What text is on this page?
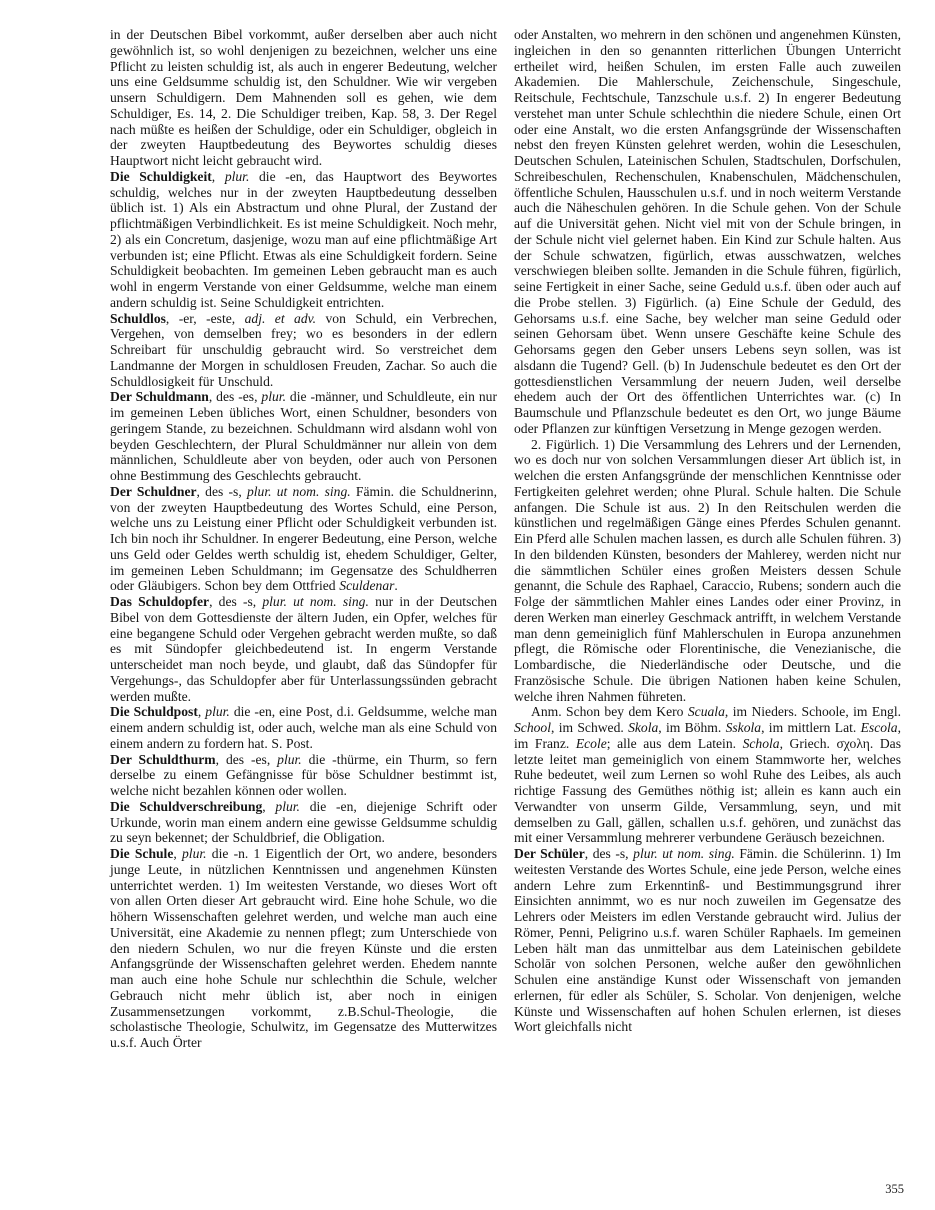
in der Deutschen Bibel vorkommt, außer derselben aber auch nicht gewöhnlich ist, so wohl denjenigen zu bezeichnen, welcher uns eine Pflicht zu leisten schuldig ist, als auch in engerer Bedeutung, welcher uns eine Geldsumme schuldig ist, den Schuldner. Wie wir vergeben unsern Schuldigern. Dem Mahnenden soll es gehen, wie dem Schuldiger, Es. 14, 2. Die Schuldiger treiben, Kap. 58, 3. Der Regel nach müßte es heißen der Schuldige, oder ein Schuldiger, obgleich in der zweyten Hauptbedeutung des Beywortes schuldig dieses Hauptwort nicht leicht gebraucht wird.

Die Schuldigkeit, plur. die -en, das Hauptwort des Beywortes schuldig, welches nur in der zweyten Hauptbedeutung desselben üblich ist. 1) Als ein Abstractum und ohne Plural, der Zustand der pflichtmäßigen Verbindlichkeit. Es ist meine Schuldigkeit. Noch mehr, 2) als ein Concretum, dasjenige, wozu man auf eine pflichtmäßige Art verbunden ist; eine Pflicht. Etwas als eine Schuldigkeit fordern. Seine Schuldigkeit beobachten. Im gemeinen Leben gebraucht man es auch wohl in engerm Verstande von einer Geldsumme, welche man einem andern schuldig ist. Seine Schuldigkeit entrichten.

Schuldlos, -er, -este, adj. et adv. von Schuld, ein Verbrechen, Vergehen, von demselben frey; wo es besonders in der edlern Schreibart für unschuldig gebraucht wird. So verstreichet dem Landmanne der Morgen in schuldlosen Freuden, Zachar. So auch die Schuldlosigkeit für Unschuld.

Der Schuldmann, des -es, plur. die -männer, und Schuldleute, ein nur im gemeinen Leben übliches Wort, einen Schuldner, besonders von geringem Stande, zu bezeichnen. Schuldmann wird alsdann wohl von beyden Geschlechtern, der Plural Schuldmänner nur allein von dem männlichen, Schuldleute aber von beyden, oder auch von Personen ohne Bestimmung des Geschlechts gebraucht.

Der Schuldner, des -s, plur. ut nom. sing. Fämin. die Schuldnerinn, von der zweyten Hauptbedeutung des Wortes Schuld, eine Person, welche uns zu Leistung einer Pflicht oder Schuldigkeit verbunden ist. Ich bin noch ihr Schuldner. In engerer Bedeutung, eine Person, welche uns Geld oder Geldes werth schuldig ist, ehedem Schuldiger, Gelter, im gemeinen Leben Schuldmann; im Gegensatze des Schuldherren oder Gläubigers. Schon bey dem Ottfried Sculdenar.

Das Schuldopfer, des -s, plur. ut nom. sing. nur in der Deutschen Bibel von dem Gottesdienste der ältern Juden, ein Opfer, welches für eine begangene Schuld oder Vergehen gebracht werden mußte, so daß es mit Sündopfer gleichbedeutend ist. In engerm Verstande unterscheidet man noch beyde, und glaubt, daß das Sündopfer für Vergehungs-, das Schuldopfer aber für Unterlassungssünden gebracht werden mußte.

Die Schuldpost, plur. die -en, eine Post, d.i. Geldsumme, welche man einem andern schuldig ist, oder auch, welche man als eine Schuld von einem andern zu fordern hat. S. Post.

Der Schuldthurm, des -es, plur. die -thürme, ein Thurm, so fern derselbe zu einem Gefängnisse für böse Schuldner bestimmt ist, welche nicht bezahlen können oder wollen.

Die Schuldverschreibung, plur. die -en, diejenige Schrift oder Urkunde, worin man einem andern eine gewisse Geldsumme schuldig zu seyn bekennet; der Schuldbrief, die Obligation.

Die Schule, plur. die -n. 1 Eigentlich der Ort, wo andere, besonders junge Leute, in nützlichen Kenntnissen und angenehmen Künsten unterrichtet werden. 1) Im weitesten Verstande, wo dieses Wort oft von allen Orten dieser Art gebraucht wird. Eine hohe Schule, wo die höhern Wissenschaften gelehret werden, und welche man auch eine Universität, eine Akademie zu nennen pflegt; zum Unterschiede von den niedern Schulen, wo nur die freyen Künste und die ersten Anfangsgründe der Wissenschaften gelehret werden. Ehedem nannte man auch eine hohe Schule nur schlechthin die Schule, welcher Gebrauch nicht mehr üblich ist, aber noch in einigen Zusammensetzungen vorkommt, z.B.Schul-Theologie, die scholastische Theologie, Schulwitz, im Gegensatze des Mutterwitzes u.s.f. Auch Örter

oder Anstalten, wo mehrern in den schönen und angenehmen Künsten, ingleichen in den so genannten ritterlichen Übungen Unterricht ertheilet wird, heißen Schulen, im ersten Falle auch zuweilen Akademien. Die Mahlerschule, Zeichenschule, Singeschule, Reitschule, Fechtschule, Tanzschule u.s.f. 2) In engerer Bedeutung verstehet man unter Schule schlechthin die niedere Schule, einen Ort oder eine Anstalt, wo die ersten Anfangsgründe der Wissenschaften nebst den freyen Künsten gelehret werden, wohin die Leseschulen, Deutschen Schulen, Lateinischen Schulen, Stadtschulen, Dorfschulen, Schreibeschulen, Rechenschulen, Knabenschulen, Mädchenschulen, öffentliche Schulen, Hausschulen u.s.f. und in noch weiterm Verstande auch die Näheschulen gehören. In die Schule gehen. Von der Schule auf die Universität gehen. Nicht viel mit von der Schule bringen, in der Schule nicht viel gelernet haben. Ein Kind zur Schule halten. Aus der Schule schwatzen, figürlich, etwas ausschwatzen, welches verschwiegen bleiben sollte. Jemanden in die Schule führen, figürlich, seine Fertigkeit in einer Sache, seine Geduld u.s.f. üben oder auch auf die Probe stellen. 3) Figürlich. (a) Eine Schule der Geduld, des Gehorsams u.s.f. eine Sache, bey welcher man seine Geduld oder seinen Gehorsam übet. Wenn unsere Geschäfte keine Schule des Gehorsams gegen den Geber unsers Lebens seyn sollen, was ist alsdann die Tugend? Gell. (b) In Judenschule bedeutet es den Ort der gottesdienstlichen Versammlung der neuern Juden, weil derselbe ehedem auch der Ort des öffentlichen Unterrichtes war. (c) In Baumschule und Pflanzschule bedeutet es den Ort, wo junge Bäume oder Pflanzen zur künftigen Versetzung in Menge gezogen werden.

2. Figürlich. 1) Die Versammlung des Lehrers und der Lernenden, wo es doch nur von solchen Versammlungen dieser Art üblich ist, in welchen die ersten Anfangsgründe der menschlichen Kenntnisse oder Fertigkeiten gelehret werden; ohne Plural. Schule halten. Die Schule anfangen. Die Schule ist aus. 2) In den Reitschulen werden die künstlichen und regelmäßigen Gänge eines Pferdes Schulen genannt. Ein Pferd alle Schulen machen lassen, es durch alle Schulen führen. 3) In den bildenden Künsten, besonders der Mahlerey, werden nicht nur die sämmtlichen Schüler eines großen Meisters dessen Schule genannt, die Schule des Raphael, Caraccio, Rubens; sondern auch die Folge der sämmtlichen Mahler eines Landes oder einer Provinz, in deren Werken man einerley Geschmack antrifft, in welchem Verstande man denn gemeiniglich fünf Mahlerschulen in Europa anzunehmen pflegt, die Römische oder Florentinische, die Venezianische, die Lombardische, die Niederländische oder Deutsche, und die Französische Schule. Die übrigen Nationen haben keine Schulen, welche ihren Nahmen führeten.

Anm. Schon bey dem Kero Scuala, im Nieders. Schoole, im Engl. School, im Schwed. Skola, im Böhm. Sskola, im mittlern Lat. Escola, im Franz. Ecole; alle aus dem Latein. Schola, Griech. σχολη. Das letzte leitet man gemeiniglich von einem Stammworte her, welches Ruhe bedeutet, weil zum Lernen so wohl Ruhe des Leibes, als auch richtige Fassung des Gemüthes nöthig ist; allein es kann auch ein Verwandter von unserm Gilde, Versammlung, seyn, und mit demselben zu Gall, gällen, schallen u.s.f. gehören, und zunächst das mit einer Versammlung mehrerer verbundene Geräusch bezeichnen.

Der Schüler, des -s, plur. ut nom. sing. Fämin. die Schülerinn. 1) Im weitesten Verstande des Wortes Schule, eine jede Person, welche eines andern Lehre zum Erkenntinß- und Bestimmungsgrund ihrer Einsichten annimmt, wo es nur noch zuweilen im Gegensatze des Lehrers oder Meisters im edlen Verstande gebraucht wird. Julius der Römer, Penni, Peligrino u.s.f. waren Schüler Raphaels. Im gemeinen Leben hält man das unmittelbar aus dem Lateinischen gebildete Scholār von solchen Personen, welche außer den gewöhnlichen Schulen eine anständige Kunst oder Wissenschaft von jemanden erlernen, für edler als Schüler, S. Scholar. Von denjenigen, welche Künste und Wissenschaften auf hohen Schulen erlernen, ist dieses Wort gleichfalls nicht

355
